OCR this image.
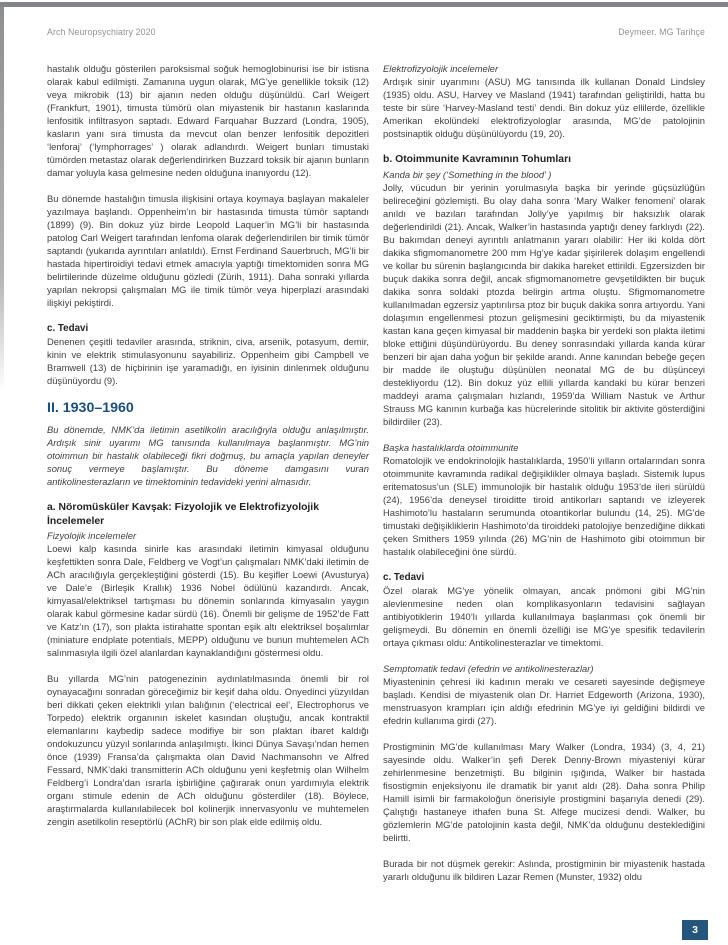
Arch Neuropsychiatry 2020	Deymeer. MG Tarihçe

hastalık olduğu gösterilen paroksismal soğuk hemoglobinurisi ise bir istisna olarak kabul edilmişti. Zamanına uygun olarak, MG’ye genellikle toksik (12) veya mikrobik (13) bir ajanın neden olduğu düşünüldü. Carl Weigert (Frankfurt, 1901), timusta tümörü olan miyastenik bir hastanın kaslarında lenfositik infiltrasyon saptadı. Edward Farquahar Buzzard (Londra, 1905), kasların yanı sıra timusta da mevcut olan benzer lenfositik depozitleri ‘lenforaj’ (‘lymphorrages’ ) olarak adlandırdı. Weigert bunları timustaki tümörden metastaz olarak değerlendirirken Buzzard toksik bir ajanın bunların damar yoluyla kasa gelmesine neden olduğuna inanıyordu (12).

Bu dönemde hastalığın timusla ilişkisini ortaya koymaya başlayan makaleler yazılmaya başlandı. Oppenheim’ın bir hastasında timusta tümör saptandı (1899) (9). Bin dokuz yüz birde Leopold Laquer’in MG’li bir hastasında patolog Carl Weigert tarafından lenfoma olarak değerlendirilen bir timik tümör saptandı (yukarıda ayrıntıları anlatıldı). Ernst Ferdinand Sauerbruch, MG’li bir hastada hipertiroidiyi tedavi etmek amacıyla yaptığı timektomiden sonra MG belirtilerinde düzelme olduğunu gözledi (Zürih, 1911). Daha sonraki yıllarda yapılan nekropsi çalışmaları MG ile timik tümör veya hiperplazi arasındaki ilişkiyi pekiştirdi.

c. Tedavi

Denenen çeşitli tedaviler arasında, striknin, civa, arsenik, potasyum, demir, kinin ve elektrik stimulasyonunu sayabiliriz. Oppenheim gibi Campbell ve Bramwell (13) de hiçbirinin işe yaramadığı, en iyisinin dinlenmek olduğunu düşünüyordu (9).

II. 1930–1960

Bu dönemde, NMK’da iletimin asetilkolin aracılığıyla olduğu anlaşılmıştır. Ardışık sinir uyarımı MG tanısında kullanılmaya başlanmıştır. MG’nin otoimmun bir hastalık olabileceği fikri doğmuş, bu amaçla yapılan deneyler sonuç vermeye başlamıştır. Bu döneme damgasını vuran antikolinesterazların ve timektominin tedavideki yerini almasıdır.

a. Nöromüsküler Kavşak: Fizyolojik ve Elektrofizyolojik İncelemeler

Fizyolojik incelemeler

Loewi kalp kasında sinirle kas arasındaki iletimin kimyasal olduğunu keşfettikten sonra Dale, Feldberg ve Vogt’un çalışmaları NMK’daki iletimin de ACh aracılığıyla gerçekleştiğini gösterdi (15). Bu keşifler Loewi (Avusturya) ve Dale’e (Birleşik Krallık) 1936 Nobel ödülünü kazandırdı. Ancak, kimyasal/elektriksel tartışması bu dönemin sonlarında kimyasalın yaygın olarak kabul görmesine kadar sürdü (16). Önemli bir gelişme de 1952’de Fatt ve Katz’ın (17), son plakta istirahatte spontan eşik altı elektriksel boşalımlar (miniature endplate potentials, MEPP) olduğunu ve bunun muhtemelen ACh salınmasıyla ilgili özel alanlardan kaynaklandığını göstermesi oldu.

Bu yıllarda MG’nin patogenezinin aydınlatılmasında önemli bir rol oynayacağını sonradan göreceğimiz bir keşif daha oldu. Onyedinci yüzyıldan beri dikkati çeken elektrikli yılan balığının (‘electrical eel’, Electrophorus ve Torpedo) elektrik organının iskelet kasından oluştuğu, ancak kontraktil elemanlarını kaybedip sadece modifiye bir son plaktan ibaret kaldığı ondokuzuncu yüzyıl sonlarında anlaşılmıştı. İkinci Dünya Savaşı’ndan hemen önce (1939) Fransa’da çalışmakta olan David Nachmansohn ve Alfred Fessard, NMK’daki transmitterin ACh olduğunu yeni keşfetmiş olan Wilhelm Feldberg’i Londra’dan ısrarla işbirliğine çağırarak onun yardımıyla elektrik organı stimule edenin de ACh olduğunu gösterdiler (18). Böylece, araştırmalarda kullanılabilecek bol kolinerjik innervasyonlu ve muhtemelen zengin asetilkolin reseptörlü (AChR) bir son plak elde edilmiş oldu.

Elektrofizyolojik incelemeler

Ardışık sinir uyarımını (ASU) MG tanısında ilk kullanan Donald Lindsley (1935) oldu. ASU, Harvey ve Masland (1941) tarafından geliştirildi, hatta bu teste bir süre ‘Harvey-Masland testi’ dendi. Bin dokuz yüz ellilerde, özellikle Amerikan ekolündeki elektrofizyologlar arasında, MG’de patolojinin postsinaptik olduğu düşünülüyordu (19, 20).

b. Otoimmunite Kavramının Tohumları

Kanda bir şey (‘Something in the blood’ )

Jolly, vücudun bir yerinin yorulmasıyla başka bir yerinde güçsüzlüğün belireceğini gözlemişti. Bu olay daha sonra ‘Mary Walker fenomeni’ olarak anıldı ve bazıları tarafından Jolly’ye yapılmış bir haksızlık olarak değerlendirildi (21). Ancak, Walker’in hastasında yaptığı deney farklıydı (22). Bu bakımdan deneyi ayrıntılı anlatmanın yararı olabilir: Her iki kolda dört dakika sfigmomanometre 200 mm Hg’ye kadar şişirilerek dolaşım engellendi ve kollar bu sürenin başlangıcında bir dakika hareket ettirildi. Egzersizden bir buçuk dakika sonra değil, ancak sfigmomanometre gevşetildikten bir buçuk dakika sonra soldaki ptozda belirgin artma oluştu. Sfigmomanometre kullanılmadan egzersiz yaptırılırsa ptoz bir buçuk dakika sonra artıyordu. Yani dolaşımın engellenmesi ptozun gelişmesini geciktirmişti, bu da miyastenik kastan kana geçen kimyasal bir maddenin başka bir yerdeki son plakta iletimi bloke ettiğini düşündürüyordu. Bu deney sonrasındaki yıllarda kanda kürar benzeri bir ajan daha yoğun bir şekilde arandı. Anne kanından bebeğe geçen bir madde ile oluştuğu düşünülen neonatal MG de bu düşünceyi destekliyordu (12). Bin dokuz yüz ellili yıllarda kandaki bu kürar benzeri maddeyi arama çalışmaları hızlandı, 1959’da William Nastuk ve Arthur Strauss MG kanının kurbağa kas hücrelerinde sitolitik bir aktivite gösterdiğini bildirdiler (23).

Başka hastalıklarda otoimmunite

Romatolojik ve endokrinolojik hastalıklarda, 1950’li yılların ortalarından sonra otoimmunite kavramında radikal değişiklikler olmaya başladı. Sistemik lupus eritematosus’un (SLE) immunolojik bir hastalık olduğu 1953’de ileri sürüldü (24), 1956’da deneysel tiroiditte tiroid antikorları saptandı ve izleyerek Hashimoto’lu hastaların serumunda otoantikorlar bulundu (14, 25). MG’de timustaki değişikliklerin Hashimoto’da tiroiddeki patolojiye benzediğine dikkati çeken Smithers 1959 yılında (26) MG’nin de Hashimoto gibi otoimmun bir hastalık olabileceğini öne sürdü.

c. Tedavi

Özel olarak MG’ye yönelik olmayan, ancak pnömoni gibi MG’nin alevlenmesine neden olan komplikasyonların tedavisini sağlayan antibiyotiklerin 1940’lı yıllarda kullanılmaya başlanması çok önemli bir gelişmeydi. Bu dönemin en önemli özelliği ise MG’ye spesifik tedavilerin ortaya çıkması oldu: Antikolinesterazlar ve timektomi.

Semptomatik tedavi (efedrin ve antikolinesterazlar)

Miyasteninin çehresi iki kadının merakı ve cesareti sayesinde değişmeye başladı. Kendisi de miyastenik olan Dr. Harriet Edgeworth (Arizona, 1930), menstruasyon krampları için aldığı efedrinin MG’ye iyi geldiğini bildirdi ve efedrin kullanıma girdi (27).

Prostigminin MG’de kullanılması Mary Walker (Londra, 1934) (3, 4, 21) sayesinde oldu. Walker’in şefi Derek Denny-Brown miyasteniyi kürar zehirlenmesine benzetmişti. Bu bilginin ışığında, Walker bir hastada fisostigmin enjeksiyonu ile dramatik bir yanıt aldı (28). Daha sonra Philip Hamill isimli bir farmakoloğun önerisiyle prostigmini başarıyla denedi (29). Çalıştığı hastaneye ithafen buna St. Alfege mucizesi dendi. Walker, bu gözlemlerin MG’de patolojinin kasta değil, NMK’da olduğunu desteklediğini belirtti.

Burada bir not düşmek gerekir: Aslında, prostigminin bir miyastenik hastada yararlı olduğunu ilk bildiren Lazar Remen (Munster, 1932) oldu

3
